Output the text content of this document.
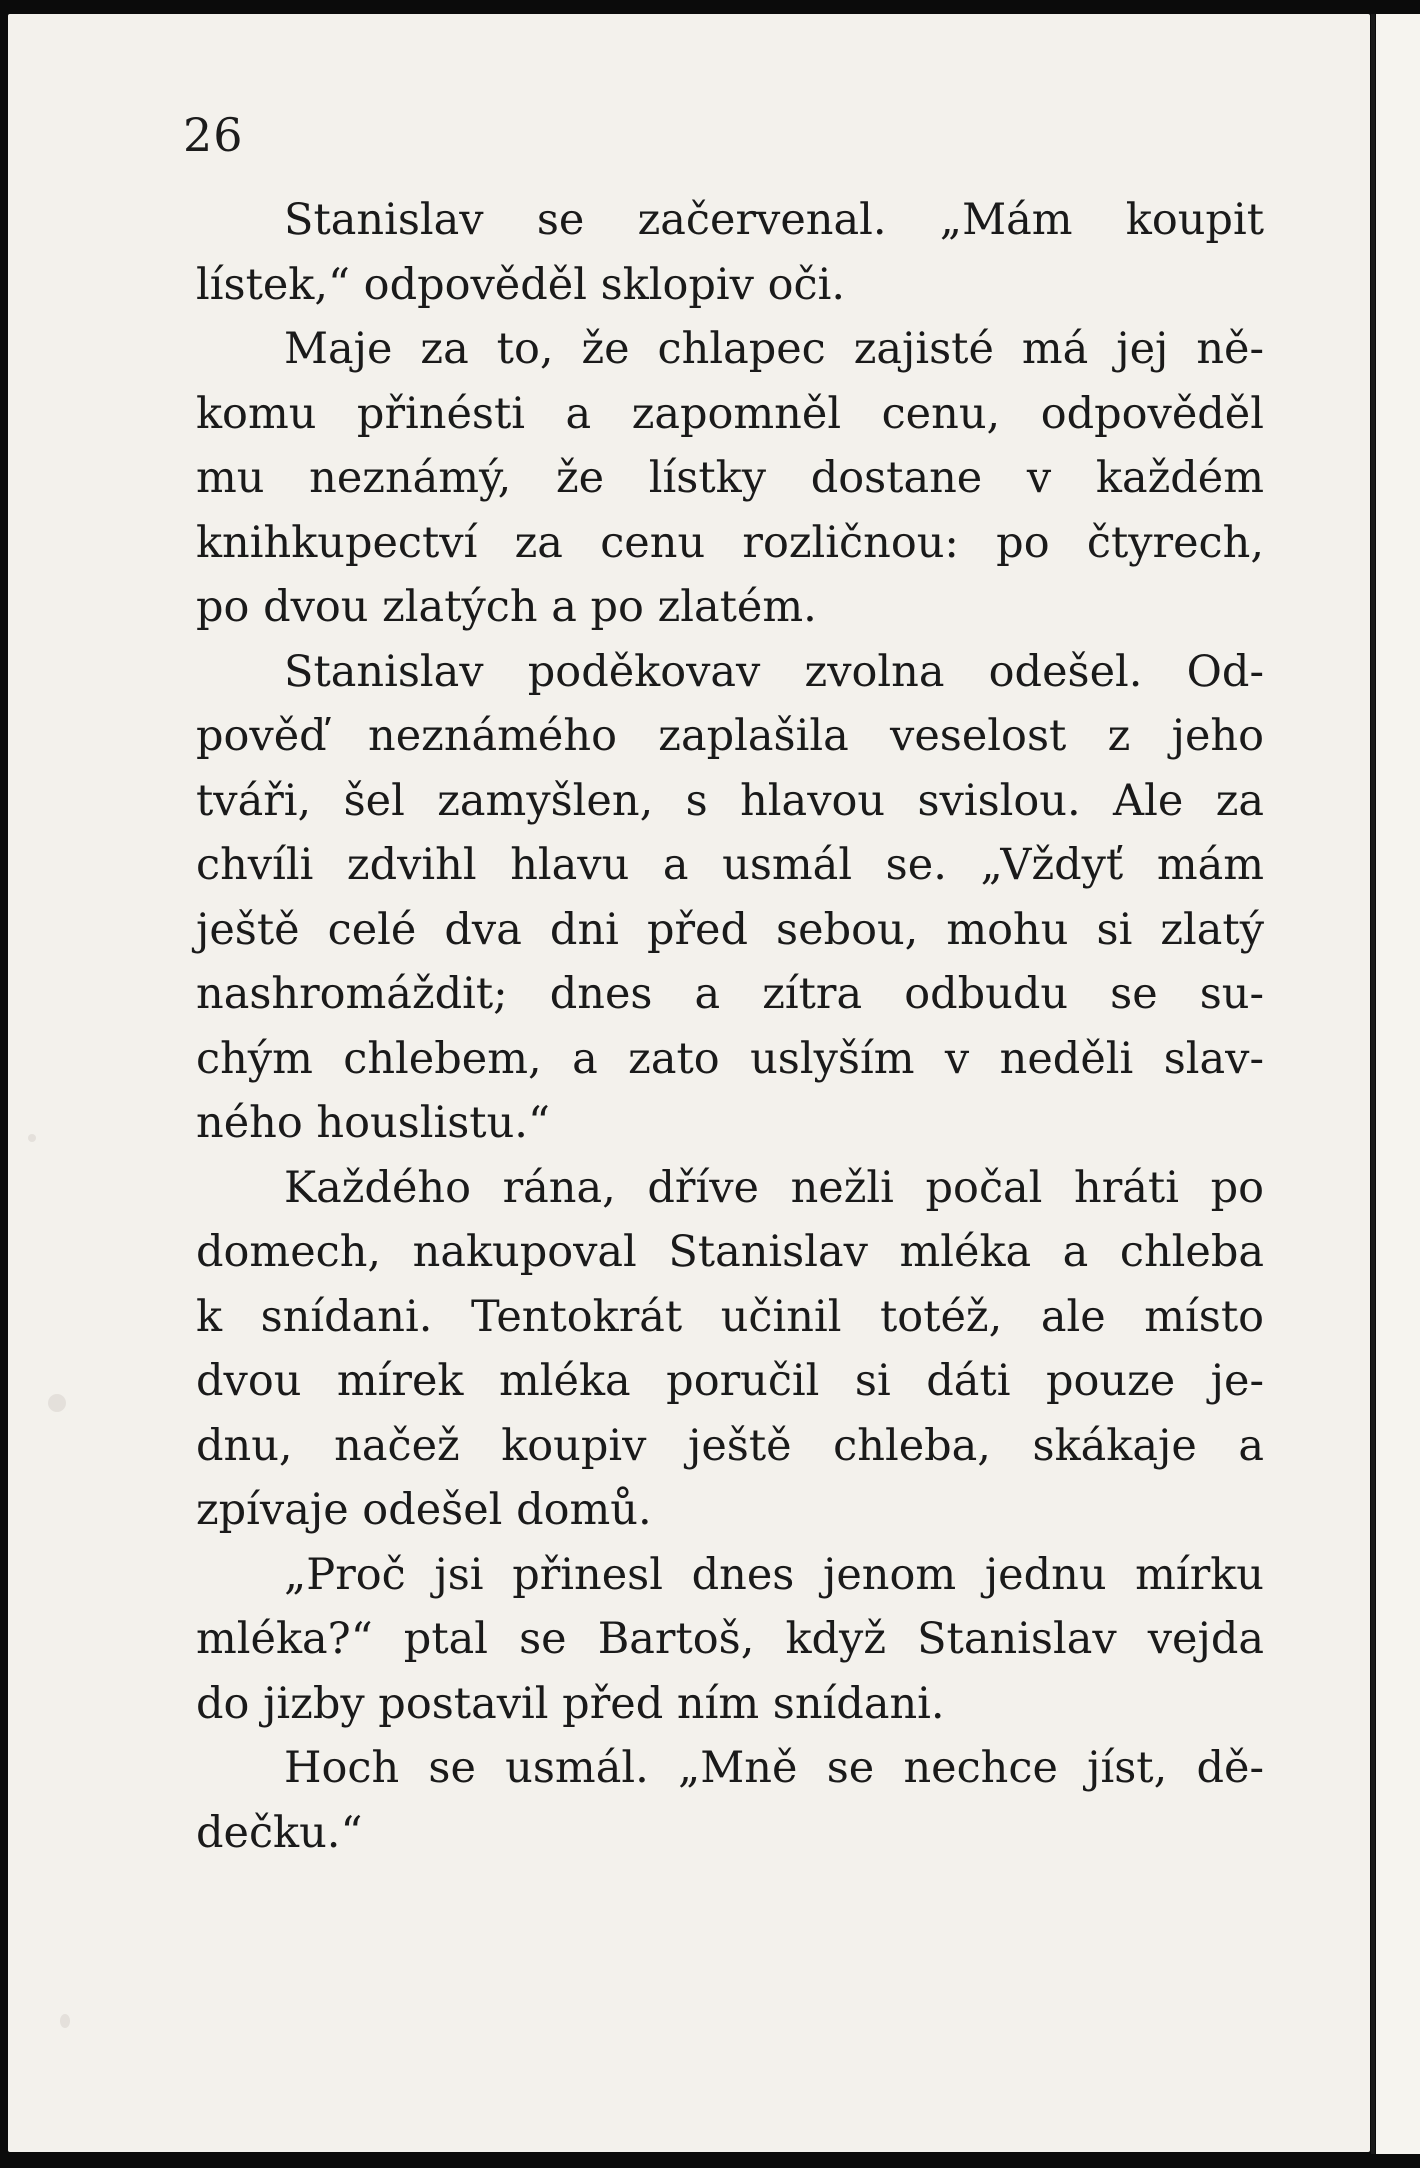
26
Stanislav se začervenal. „Mám koupit
lístek,“ odpověděl sklopiv oči.
Maje za to, že chlapec zajisté má jej ně-
komu přinésti a zapomněl cenu, odpověděl
mu neznámý, že lístky dostane v každém
knihkupectví za cenu rozličnou: po čtyrech,
po dvou zlatých a po zlatém.
Stanislav poděkovav zvolna odešel. Od-
pověď neznámého zaplašila veselost z jeho
tváři, šel zamyšlen, s hlavou svislou. Ale za
chvíli zdvihl hlavu a usmál se. „Vždyť mám
ještě celé dva dni před sebou, mohu si zlatý
nashromáždit; dnes a zítra odbudu se su-
chým chlebem, a zato uslyším v neděli slav-
ného houslistu.“
Každého rána, dříve nežli počal hráti po
domech, nakupoval Stanislav mléka a chleba
k snídani. Tentokrát učinil totéž, ale místo
dvou mírek mléka poručil si dáti pouze je-
dnu, načež koupiv ještě chleba, skákaje a
zpívaje odešel domů.
„Proč jsi přinesl dnes jenom jednu mírku
mléka?“ ptal se Bartoš, když Stanislav vejda
do jizby postavil před ním snídani.
Hoch se usmál. „Mně se nechce jíst, dě-
dečku.“
